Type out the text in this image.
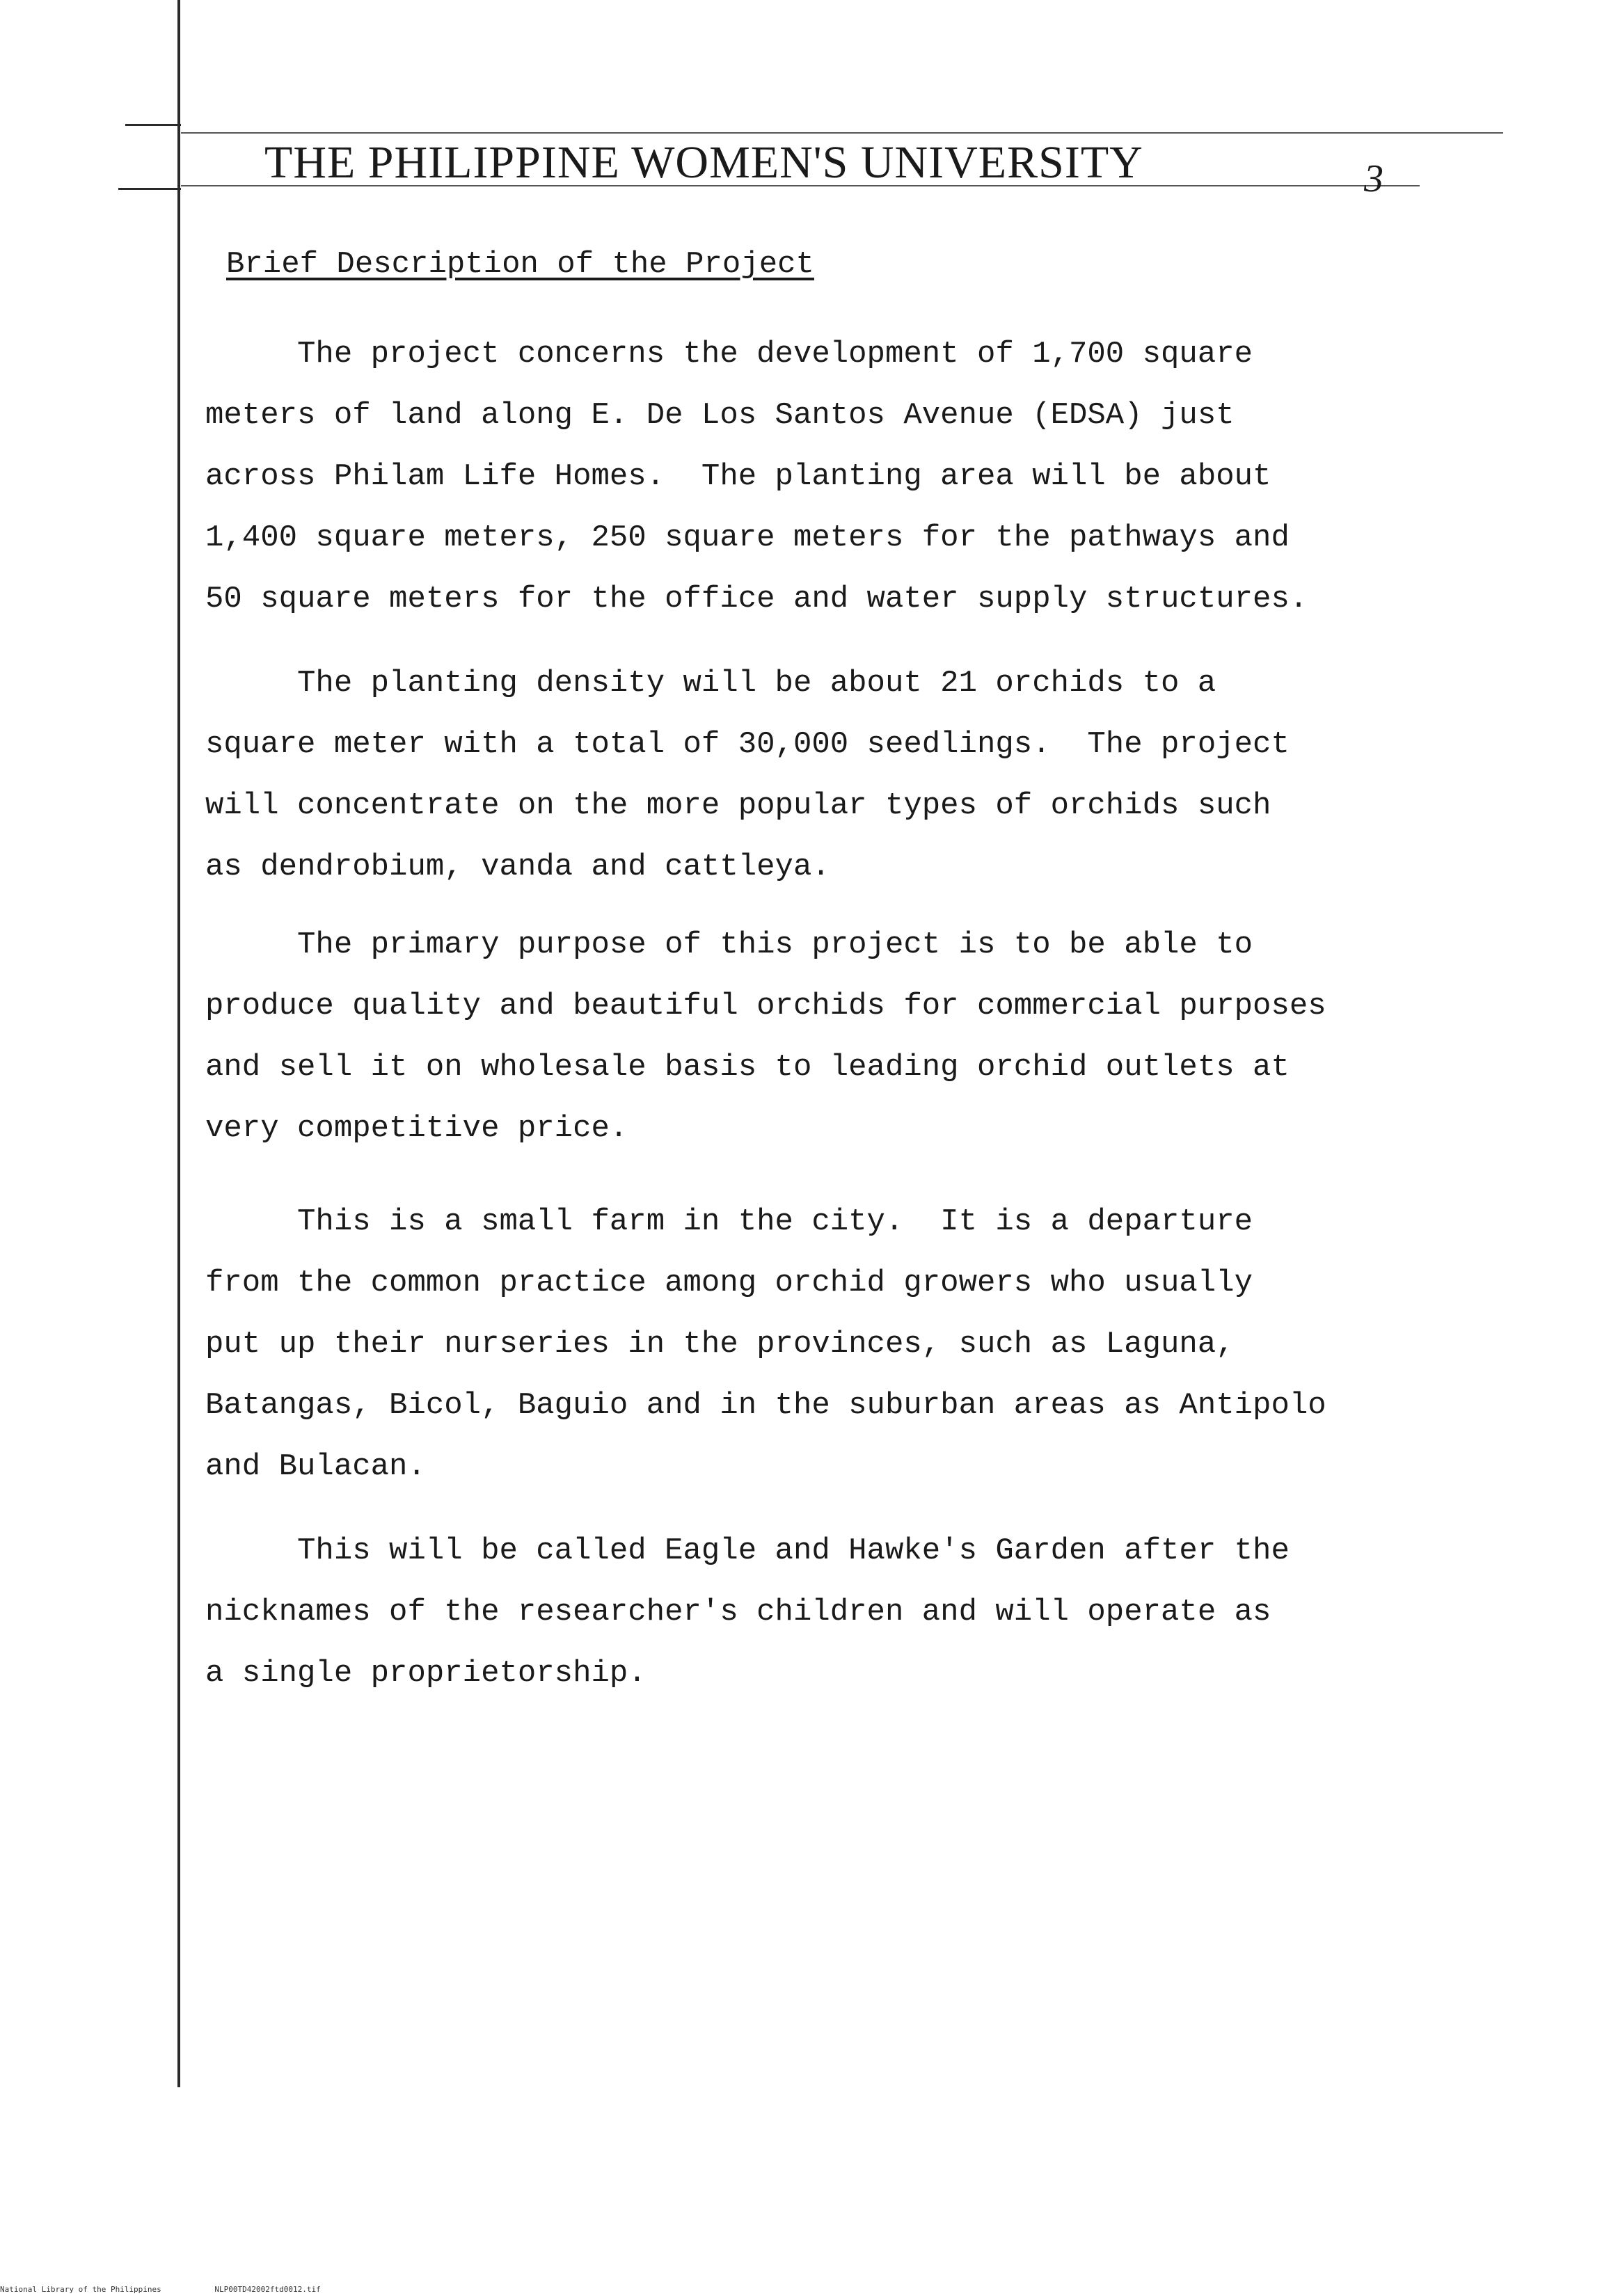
THE PHILIPPINE WOMEN'S UNIVERSITY	3
Brief Description of the Project
The project concerns the development of 1,700 square
meters of land along E. De Los Santos Avenue (EDSA) just
across Philam Life Homes.  The planting area will be about
1,400 square meters, 250 square meters for the pathways and
50 square meters for the office and water supply structures.
The planting density will be about 21 orchids to a
square meter with a total of 30,000 seedlings.  The project
will concentrate on the more popular types of orchids such
as dendrobium, vanda and cattleya.
The primary purpose of this project is to be able to
produce quality and beautiful orchids for commercial purposes
and sell it on wholesale basis to leading orchid outlets at
very competitive price.
This is a small farm in the city.  It is a departure
from the common practice among orchid growers who usually
put up their nurseries in the provinces, such as Laguna,
Batangas, Bicol, Baguio and in the suburban areas as Antipolo
and Bulacan.
This will be called Eagle and Hawke's Garden after the
nicknames of the researcher's children and will operate as
a single proprietorship.
National Library of the Philippines	NLP00TD42002ftd0012.tif
